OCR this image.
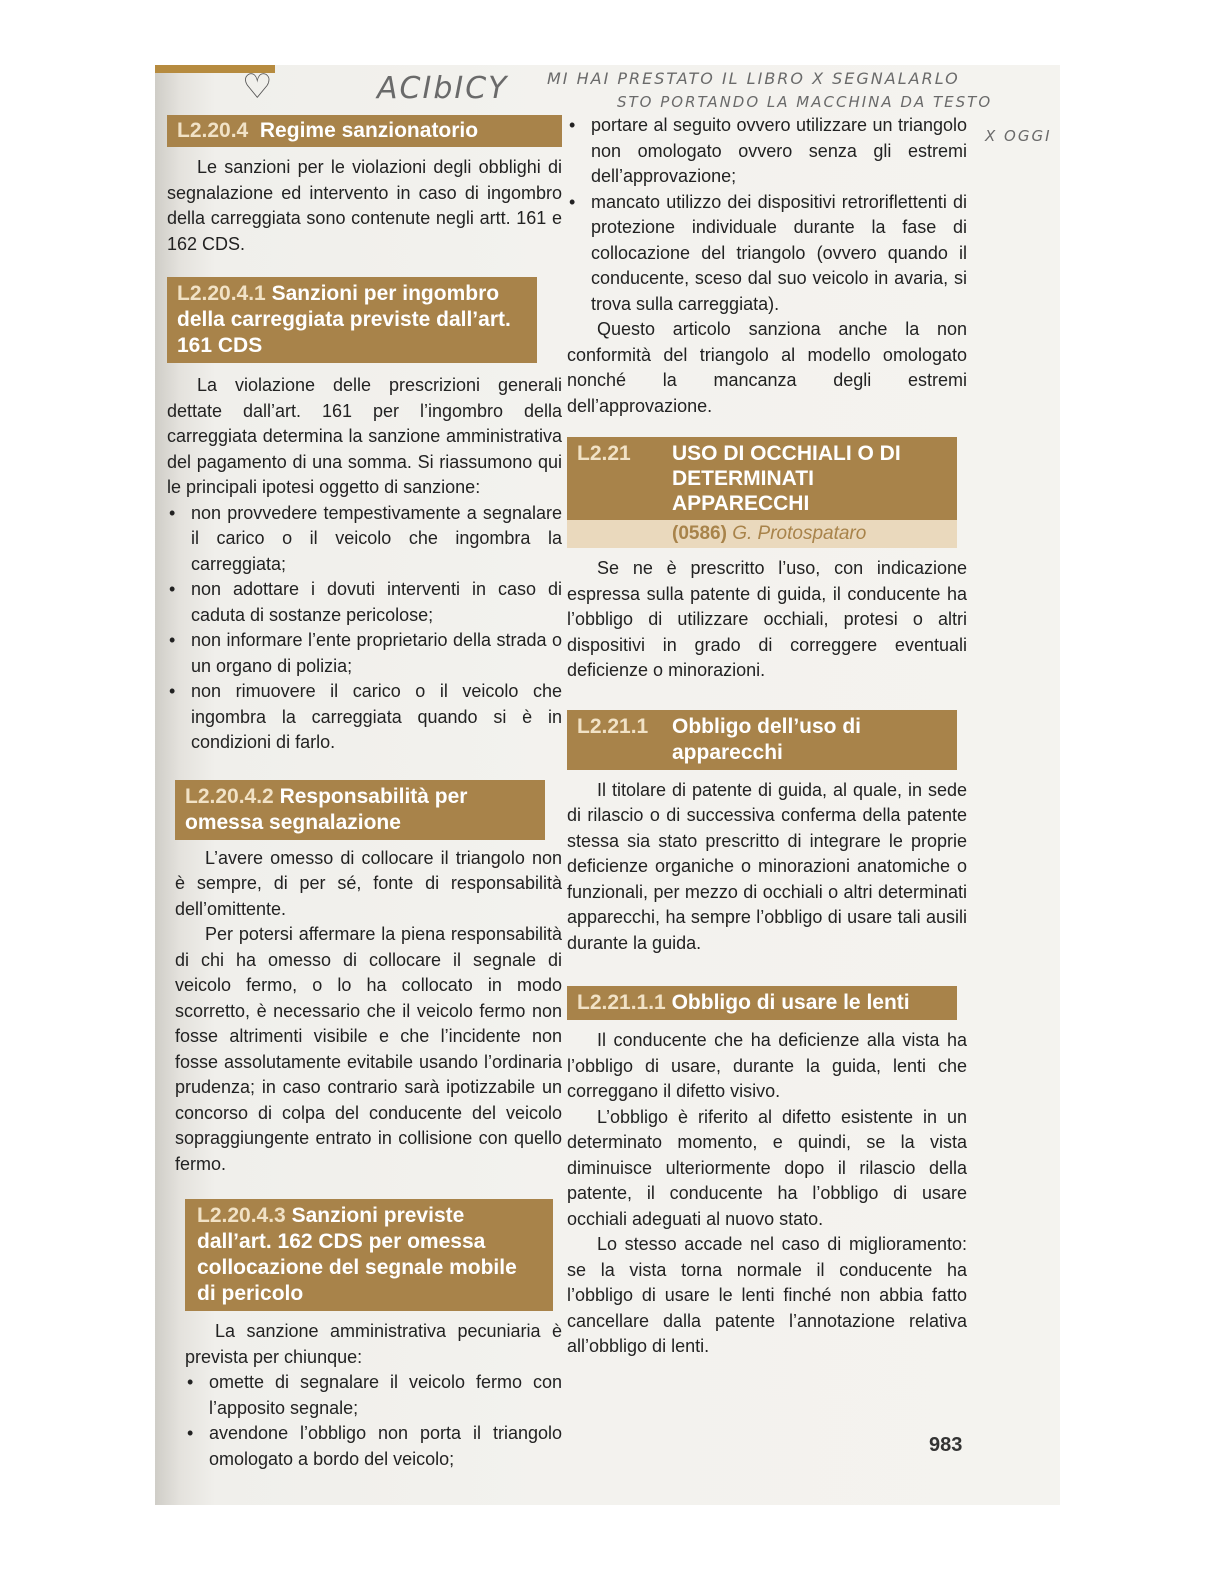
♡	ACIbICY MI HAI PRESTATO IL LIBRO X SEGNALARLO
STO PORTANDO LA MACCHINA DA TESTO
X OGGI
L2.20.4 Regime sanzionatorio

Le sanzioni per le violazioni degli obblighi di segnalazione ed intervento in caso di ingombro della carreggiata sono contenute negli artt. 161 e 162 CDS.

L2.20.4.1 Sanzioni per ingombro della carreggiata previste dall’art. 161 CDS

La violazione delle prescrizioni generali dettate dall’art. 161 per l’ingombro della carreggiata determina la sanzione amministrativa del pagamento di una somma. Si riassumono qui le principali ipotesi oggetto di sanzione:

• non provvedere tempestivamente a segnalare il carico o il veicolo che ingombra la carreggiata;
• non adottare i dovuti interventi in caso di caduta di sostanze pericolose;
• non informare l’ente proprietario della strada o un organo di polizia;
• non rimuovere il carico o il veicolo che ingombra la carreggiata quando si è in condizioni di farlo.
L2.20.4.2 Responsabilità per omessa segnalazione

L’avere omesso di collocare il triangolo non è sempre, di per sé, fonte di responsabilità dell’omittente.

Per potersi affermare la piena responsabilità di chi ha omesso di collocare il segnale di veicolo fermo, o lo ha collocato in modo scorretto, è necessario che il veicolo fermo non fosse altrimenti visibile e che l’incidente non fosse assolutamente evitabile usando l’ordinaria prudenza; in caso contrario sarà ipotizzabile un concorso di colpa del conducente del veicolo sopraggiungente entrato in collisione con quello fermo.

L2.20.4.3 Sanzioni previste dall’art. 162 CDS per omessa collocazione del segnale mobile di pericolo

La sanzione amministrativa pecuniaria è prevista per chiunque:

• omette di segnalare il veicolo fermo con l’apposito segnale;
• avendone l’obbligo non porta il triangolo omologato a bordo del veicolo;
• portare al seguito ovvero utilizzare un triangolo non omologato ovvero senza gli estremi dell’approvazione;
• mancato utilizzo dei dispositivi retroriflettenti di protezione individuale durante la fase di collocazione del triangolo (ovvero quando il conducente, sceso dal suo veicolo in avaria, si trova sulla carreggiata).

Questo articolo sanziona anche la non conformità del triangolo al modello omologato nonché la mancanza degli estremi dell’approvazione.

L2.21	USO DI OCCHIALI O DI DETERMINATI APPARECCHI
(0586) G. Protospataro

Se ne è prescritto l’uso, con indicazione espressa sulla patente di guida, il conducente ha l’obbligo di utilizzare occhiali, protesi o altri dispositivi in grado di correggere eventuali deficienze o minorazioni.

L2.21.1	Obbligo dell’uso di apparecchi

Il titolare di patente di guida, al quale, in sede di rilascio o di successiva conferma della patente stessa sia stato prescritto di integrare le proprie deficienze organiche o minorazioni anatomiche o funzionali, per mezzo di occhiali o altri determinati apparecchi, ha sempre l’obbligo di usare tali ausili durante la guida.

L2.21.1.1 Obbligo di usare le lenti

Il conducente che ha deficienze alla vista ha l’obbligo di usare, durante la guida, lenti che correggano il difetto visivo.

L’obbligo è riferito al difetto esistente in un determinato momento, e quindi, se la vista diminuisce ulteriormente dopo il rilascio della patente, il conducente ha l’obbligo di usare occhiali adeguati al nuovo stato.

Lo stesso accade nel caso di miglioramento: se la vista torna normale il conducente ha l’obbligo di usare le lenti finché non abbia fatto cancellare dalla patente l’annotazione relativa all’obbligo di lenti.

983
